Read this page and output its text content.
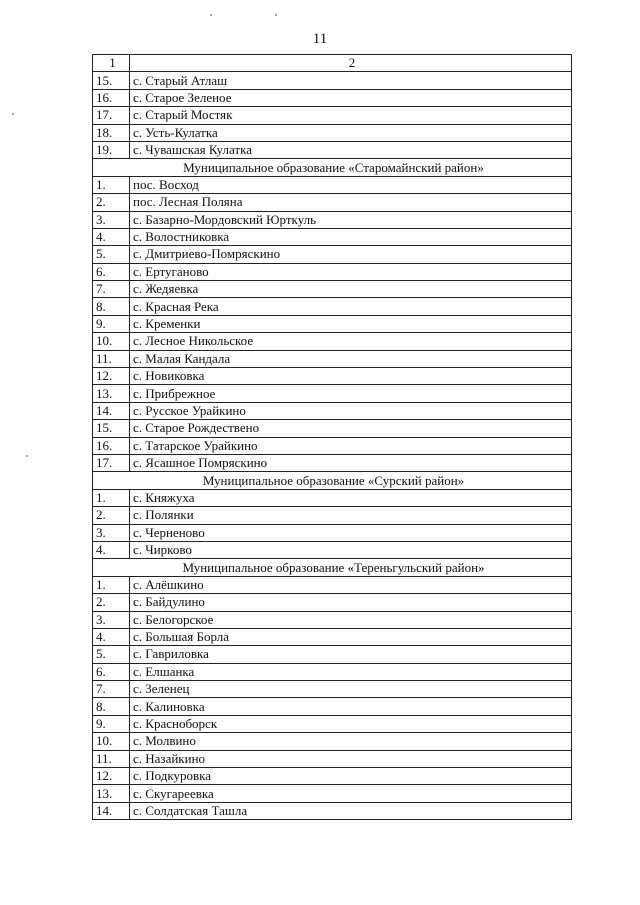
11
1	2
15.	с. Старый Атлаш
16.	с. Старое Зеленое
17.	с. Старый Мостяк
18.	с. Усть-Кулатка
19.	с. Чувашская Кулатка
Муниципальное образование «Старомайнский район»	
1.	пос. Восход
2.	пос. Лесная Поляна
3.	с. Базарно-Мордовский Юрткуль
4.	с. Волостниковка
5.	с. Дмитриево-Помряскино
6.	с. Ертуганово
7.	с. Жедяевка
8.	с. Красная Река
9.	с. Кременки
10.	с. Лесное Никольское
11.	с. Малая Кандала
12.	с. Новиковка
13.	с. Прибрежное
14.	с. Русское Урайкино
15.	с. Старое Рождествено
16.	с. Татарское Урайкино
17.	с. Ясашное Помряскино
Муниципальное образование «Сурский район»	
1.	с. Княжуха
2.	с. Полянки
3.	с. Черненово
4.	с. Чирково
Муниципальное образование «Тереньгульский район»	
1.	с. Алёшкино
2.	с. Байдулино
3.	с. Белогорское
4.	с. Большая Борла
5.	с. Гавриловка
6.	с. Елшанка
7.	с. Зеленец
8.	с. Калиновка
9.	с. Красноборск
10.	с. Молвино
11.	с. Назайкино
12.	с. Подкуровка
13.	с. Скугареевка
14.	с. Солдатская Ташла
